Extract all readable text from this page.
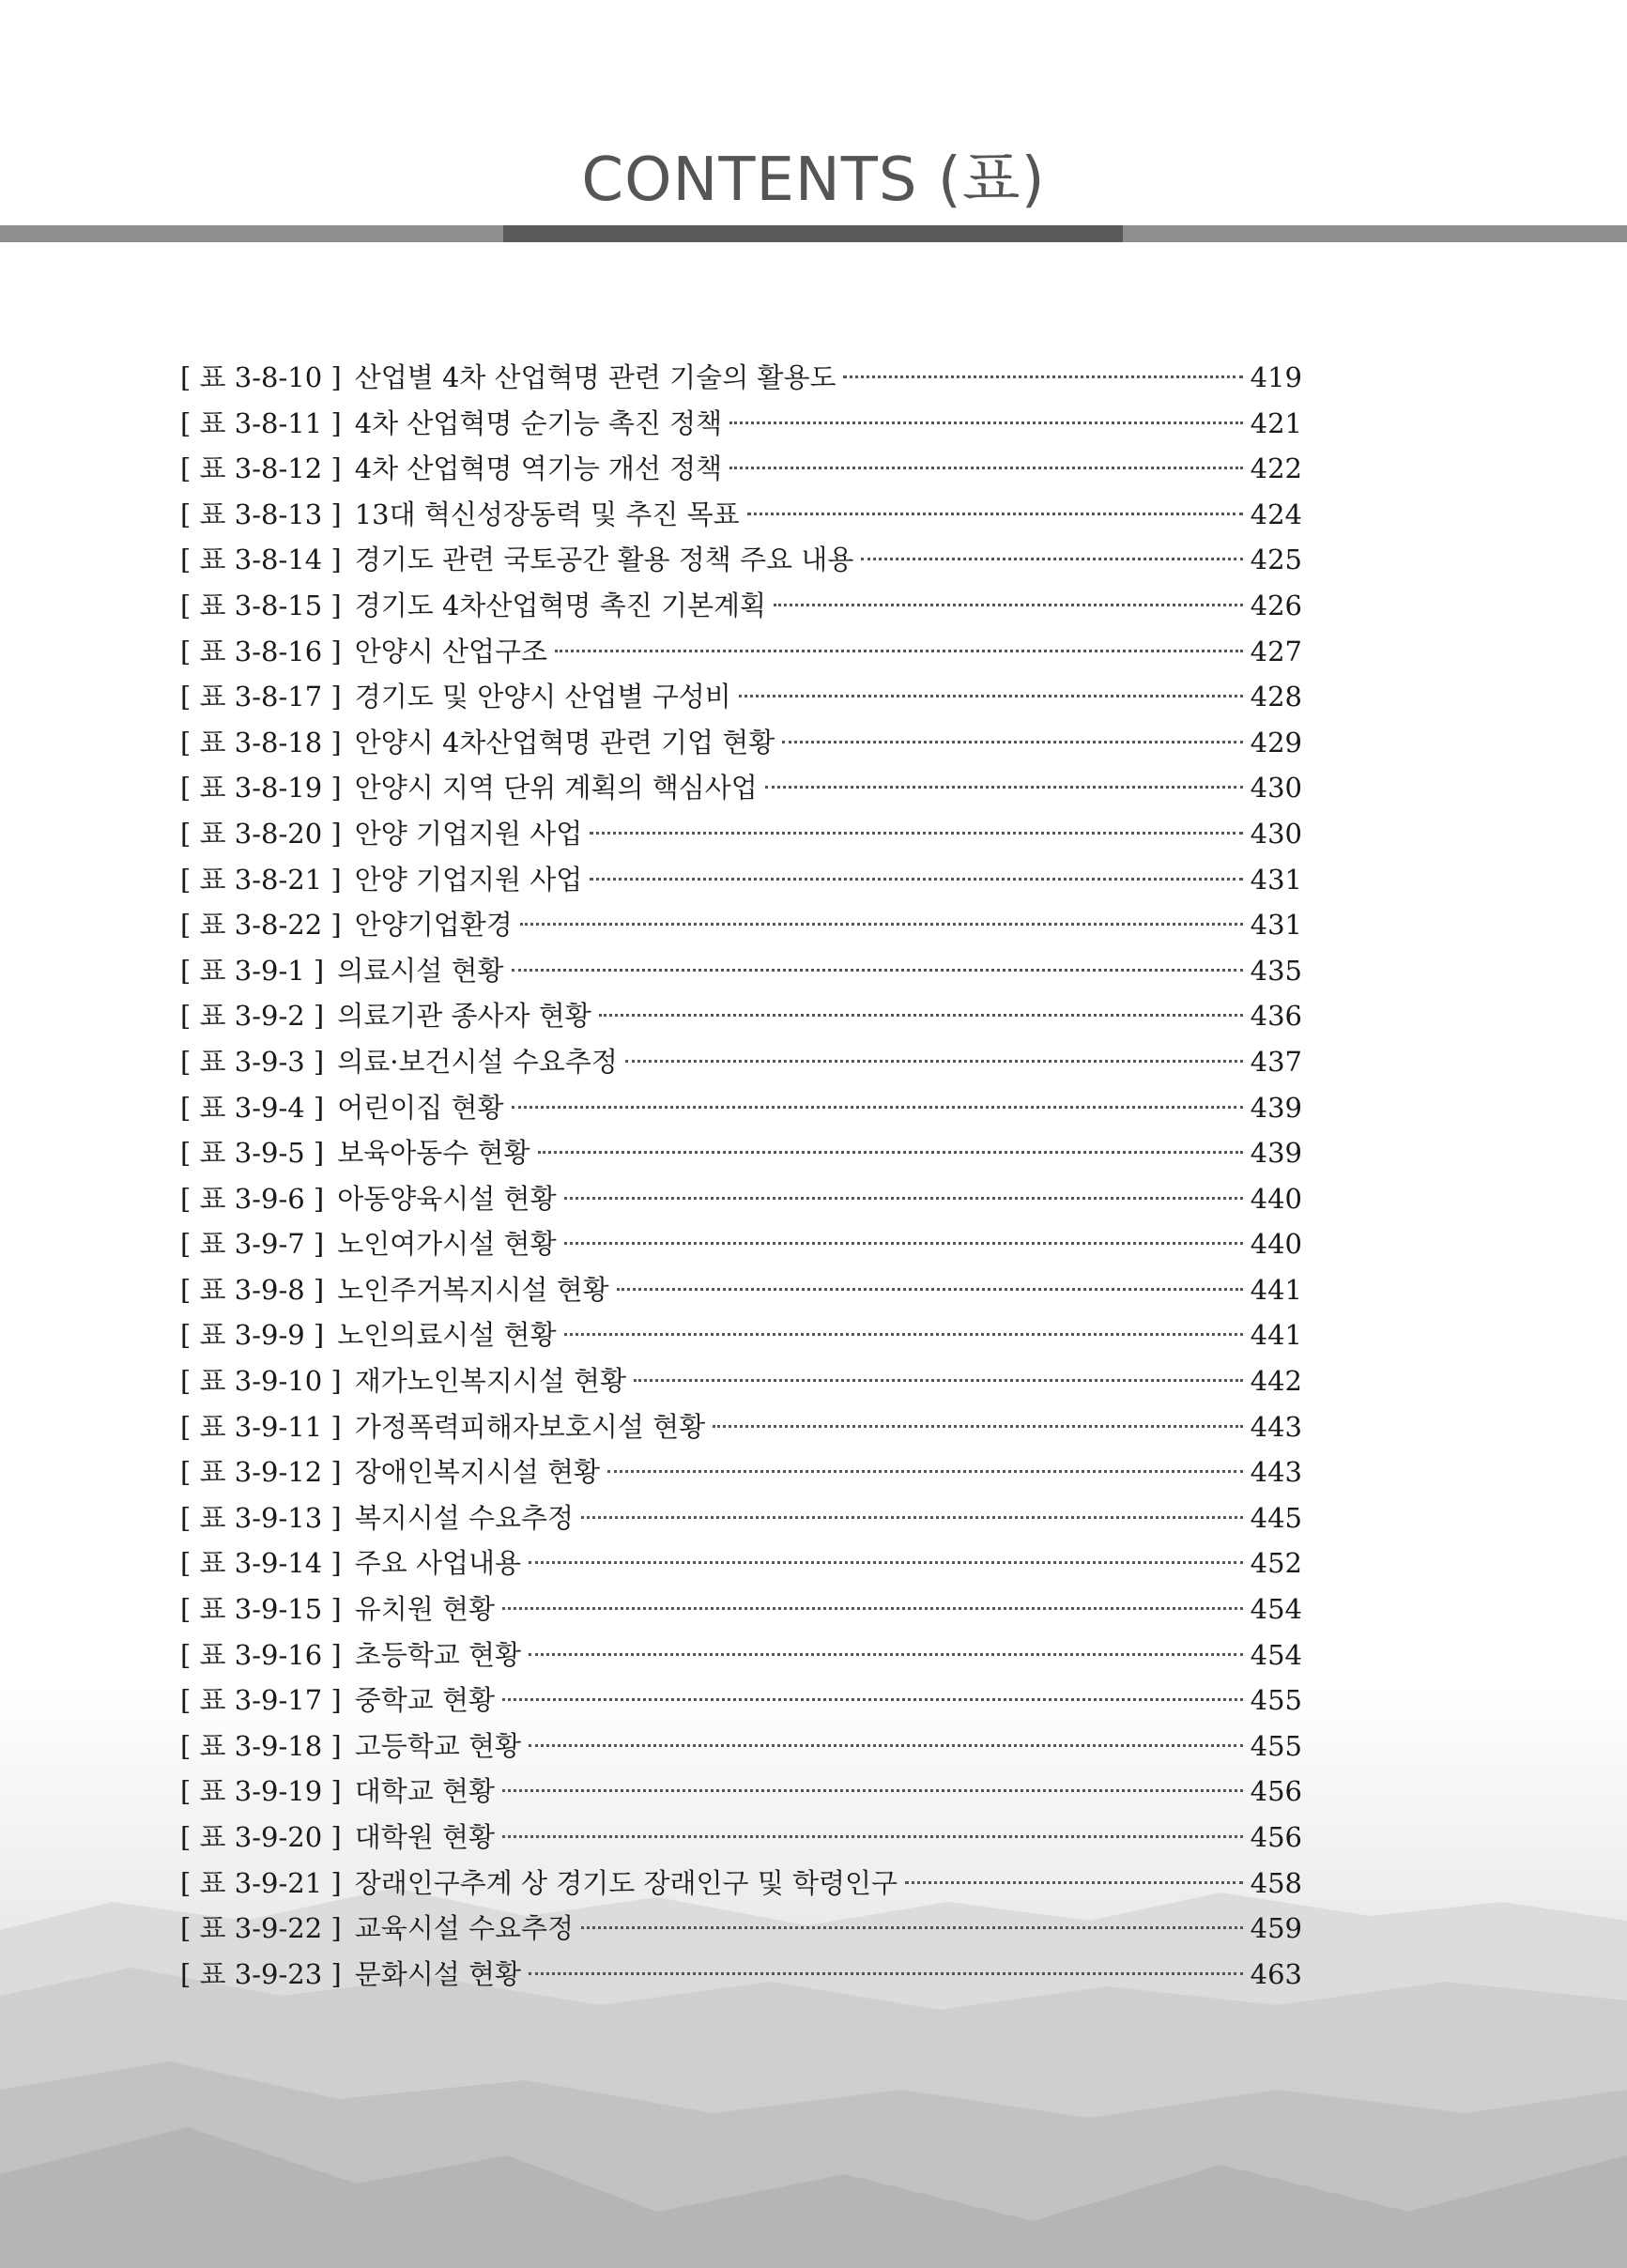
CONTENTS (표)
[ 표 3-8-10 ] 산업별 4차 산업혁명 관련 기술의 활용도	419
[ 표 3-8-11 ] 4차 산업혁명 순기능 촉진 정책	421
[ 표 3-8-12 ] 4차 산업혁명 역기능 개선 정책	422
[ 표 3-8-13 ] 13대 혁신성장동력 및 추진 목표	424
[ 표 3-8-14 ] 경기도 관련 국토공간 활용 정책 주요 내용	425
[ 표 3-8-15 ] 경기도 4차산업혁명 촉진 기본계획	426
[ 표 3-8-16 ] 안양시 산업구조	427
[ 표 3-8-17 ] 경기도 및 안양시 산업별 구성비	428
[ 표 3-8-18 ] 안양시 4차산업혁명 관련 기업 현황	429
[ 표 3-8-19 ] 안양시 지역 단위 계획의 핵심사업	430
[ 표 3-8-20 ] 안양 기업지원 사업	430
[ 표 3-8-21 ] 안양 기업지원 사업	431
[ 표 3-8-22 ] 안양기업환경	431
[ 표 3-9-1 ] 의료시설 현황	435
[ 표 3-9-2 ] 의료기관 종사자 현황	436
[ 표 3-9-3 ] 의료·보건시설 수요추정	437
[ 표 3-9-4 ] 어린이집 현황	439
[ 표 3-9-5 ] 보육아동수 현황	439
[ 표 3-9-6 ] 아동양육시설 현황	440
[ 표 3-9-7 ] 노인여가시설 현황	440
[ 표 3-9-8 ] 노인주거복지시설 현황	441
[ 표 3-9-9 ] 노인의료시설 현황	441
[ 표 3-9-10 ] 재가노인복지시설 현황	442
[ 표 3-9-11 ] 가정폭력피해자보호시설 현황	443
[ 표 3-9-12 ] 장애인복지시설 현황	443
[ 표 3-9-13 ] 복지시설 수요추정	445
[ 표 3-9-14 ] 주요 사업내용	452
[ 표 3-9-15 ] 유치원 현황	454
[ 표 3-9-16 ] 초등학교 현황	454
[ 표 3-9-17 ] 중학교 현황	455
[ 표 3-9-18 ] 고등학교 현황	455
[ 표 3-9-19 ] 대학교 현황	456
[ 표 3-9-20 ] 대학원 현황	456
[ 표 3-9-21 ] 장래인구추계 상 경기도 장래인구 및 학령인구	458
[ 표 3-9-22 ] 교육시설 수요추정	459
[ 표 3-9-23 ] 문화시설 현황	463
